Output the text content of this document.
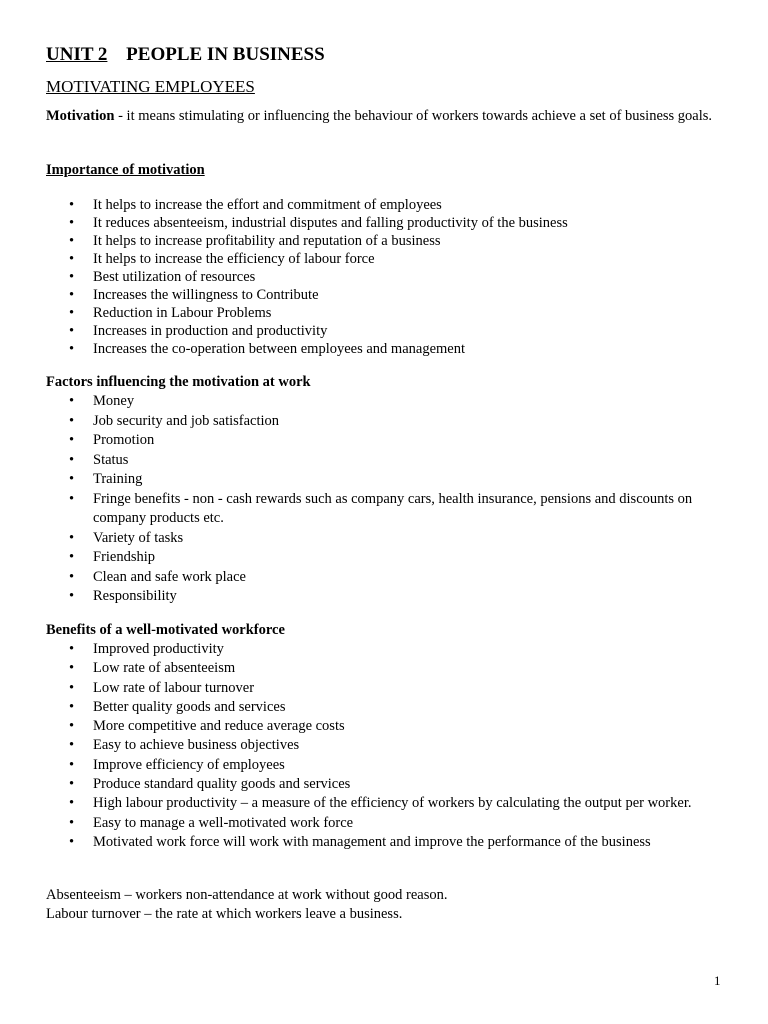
UNIT 2 PEOPLE IN BUSINESS
MOTIVATING EMPLOYEES
Motivation - it means stimulating or influencing the behaviour of workers towards achieve a set of business goals.
Importance of motivation
• It helps to increase the effort and commitment of employees
• It reduces absenteeism, industrial disputes and falling productivity of the business
• It helps to increase profitability and reputation of a business
• It helps to increase the efficiency of labour force
• Best utilization of resources
• Increases the willingness to Contribute
• Reduction in Labour Problems
• Increases in production and productivity
• Increases the co-operation between employees and management
Factors influencing the motivation at work
• Money
• Job security and job satisfaction
• Promotion
• Status
• Training
• Fringe benefits - non - cash rewards such as company cars, health insurance, pensions and discounts on company products etc.
• Variety of tasks
• Friendship
• Clean and safe work place
• Responsibility
Benefits of a well-motivated workforce
• Improved productivity
• Low rate of absenteeism
• Low rate of labour turnover
• Better quality goods and services
• More competitive and reduce average costs
• Easy to achieve business objectives
• Improve efficiency of employees
• Produce standard quality goods and services
• High labour productivity – a measure of the efficiency of workers by calculating the output per worker.
• Easy to manage a well-motivated work force
• Motivated work force will work with management and improve the performance of the business
Absenteeism – workers non-attendance at work without good reason.
Labour turnover – the rate at which workers leave a business.
1
